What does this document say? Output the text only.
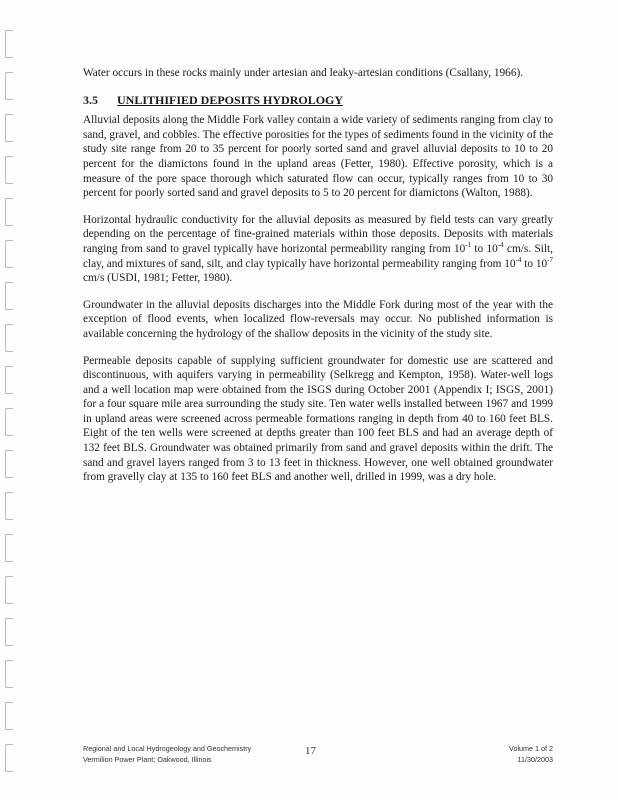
Water occurs in these rocks mainly under artesian and leaky-artesian conditions (Csallany, 1966).

3.5	UNLITHIFIED DEPOSITS HYDROLOGY

Alluvial deposits along the Middle Fork valley contain a wide variety of sediments ranging from clay to sand, gravel, and cobbles. The effective porosities for the types of sediments found in the vicinity of the study site range from 20 to 35 percent for poorly sorted sand and gravel alluvial deposits to 10 to 20 percent for the diamictons found in the upland areas (Fetter, 1980). Effective porosity, which is a measure of the pore space thorough which saturated flow can occur, typically ranges from 10 to 30 percent for poorly sorted sand and gravel deposits to 5 to 20 percent for diamictons (Walton, 1988).

Horizontal hydraulic conductivity for the alluvial deposits as measured by field tests can vary greatly depending on the percentage of fine-grained materials within those deposits. Deposits with materials ranging from sand to gravel typically have horizontal permeability ranging from $10^{-1}$ to $10^{-4}$ cm/s. Silt, clay, and mixtures of sand, silt, and clay typically have horizontal permeability ranging from $10^{-4}$ to $10^{-7}$ cm/s (USDI, 1981; Fetter, 1980).

Groundwater in the alluvial deposits discharges into the Middle Fork during most of the year with the exception of flood events, when localized flow-reversals may occur. No published information is available concerning the hydrology of the shallow deposits in the vicinity of the study site.

Permeable deposits capable of supplying sufficient groundwater for domestic use are scattered and discontinuous, with aquifers varying in permeability (Selkregg and Kempton, 1958). Water-well logs and a well location map were obtained from the ISGS during October 2001 (Appendix I; ISGS, 2001) for a four square mile area surrounding the study site. Ten water wells installed between 1967 and 1999 in upland areas were screened across permeable formations ranging in depth from 40 to 160 feet BLS. Eight of the ten wells were screened at depths greater than 100 feet BLS and had an average depth of 132 feet BLS. Groundwater was obtained primarily from sand and gravel deposits within the drift. The sand and gravel layers ranged from 3 to 13 feet in thickness. However, one well obtained groundwater from gravelly clay at 135 to 160 feet BLS and another well, drilled in 1999, was a dry hole.

Regional and Local Hydrogeology and Geochemistry
Vermilion Power Plant; Oakwood, Illinois
17	Volume 1 of 2
11/30/2003
